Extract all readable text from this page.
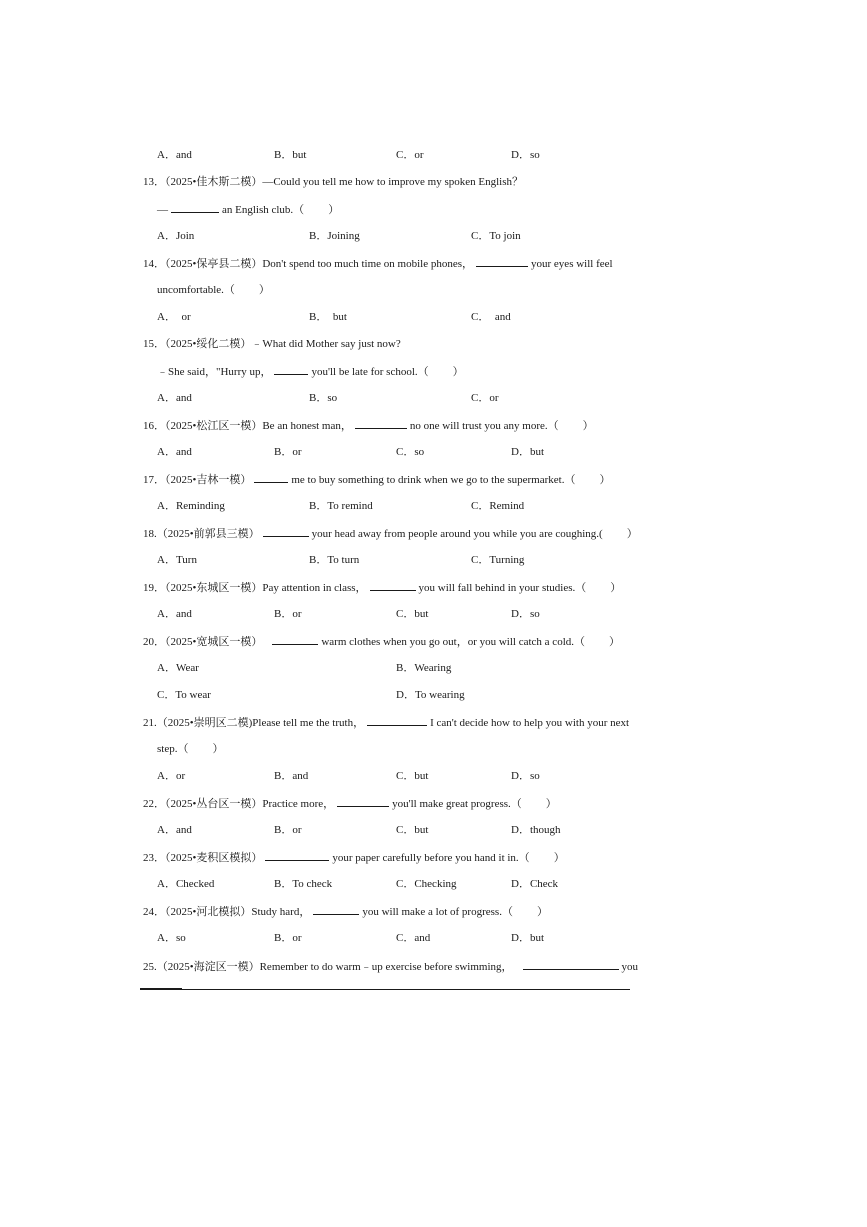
A．and	B．but	C．or	D．so
13．（2025•佳木斯二模）—Could you tell me how to improve my spoken English？
—	an English club.（ ）
A．Join	B．Joining	C．To join
14．（2025•保亭县二模）Don't spend too much time on mobile phones，	your eyes will feel
uncomfortable.（ ）
A．  or	B．  but	C．  and
15．（2025•绥化二模）﹣What did Mother say just now?
﹣She said，"Hurry up，	you'll be late for school.（ ）
A．and	B．so	C．or
16．（2025•松江区一模）Be an honest man，	no one will trust you any more.（ ）
A．and	B．or	C．so	D．but
17．（2025•吉林一模）	me to buy something to drink when we go to the supermarket.（ ）
A．Reminding	B．To remind	C．Remind
18.（2025•前郭县三模）	your head away from people around you while you are coughing.( ）
A．Turn	B．To turn	C．Turning
19．（2025•东城区一模）Pay attention in class，	you will fall behind in your studies.（ ）
A．and	B．or	C．but	D．so
20．（2025•宽城区一模）	warm clothes when you go out，or you will catch a cold.（ ）
A．Wear	B．Wearing
C．To wear	D．To wearing
21.（2025•崇明区二模)Please tell me the truth，	I can't decide how to help you with your next
step.（ ）
A．or	B．and	C．but	D．so
22．（2025•丛台区一模）Practice more，	you'll make great progress.（ ）
A．and	B．or	C．but	D．though
23．（2025•麦积区模拟）	your paper carefully before you hand it in.（ ）
A．Checked	B．To check	C．Checking	D．Check
24．（2025•河北模拟）Study hard，	you will make a lot of progress.（ ）
A．so	B．or	C．and	D．but
25.（2025•海淀区一模）Remember to do warm﹣up exercise before swimming，	you
